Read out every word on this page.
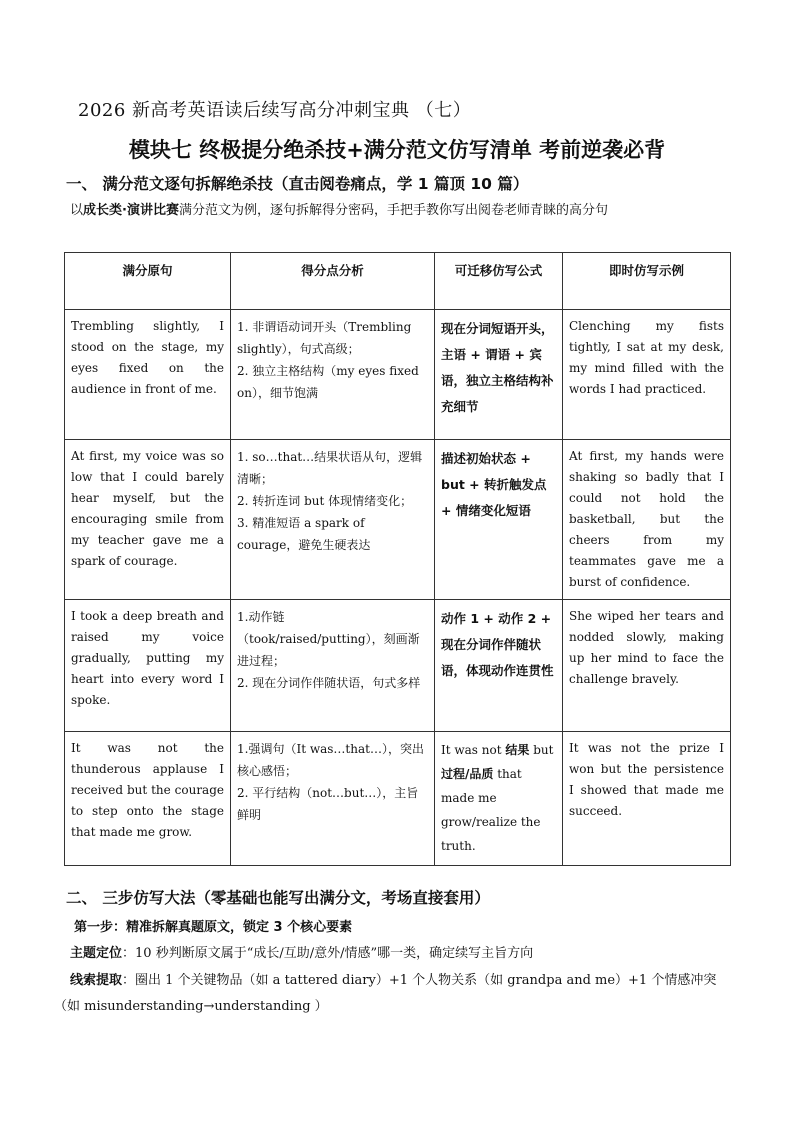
2026 新高考英语读后续写高分冲刺宝典 （七）
模块七 终极提分绝杀技+满分范文仿写清单 考前逆袭必背
一、 满分范文逐句拆解绝杀技（直击阅卷痛点，学 1 篇顶 10 篇）
以成长类·演讲比赛满分范文为例，逐句拆解得分密码，手把手教你写出阅卷老师青睐的高分句
满分原句	得分点分析	可迁移仿写公式	即时仿写示例
Trembling slightly, I stood on the stage, my eyes fixed on the audience in front of me.	1. 非谓语动词开头（Trembling slightly），句式高级；
2. 独立主格结构（my eyes fixed on），细节饱满	现在分词短语开头，主语 + 谓语 + 宾语，独立主格结构补充细节	Clenching my fists tightly, I sat at my desk, my mind filled with the words I had practiced.
At first, my voice was so low that I could barely hear myself, but the encouraging smile from my teacher gave me a spark of courage.	1. so…that…结果状语从句，逻辑清晰；
2. 转折连词 but 体现情绪变化；
3. 精准短语 a spark of courage，避免生硬表达	描述初始状态 + but + 转折触发点 + 情绪变化短语	At first, my hands were shaking so badly that I could not hold the basketball, but the cheers from my teammates gave me a burst of confidence.
I took a deep breath and raised my voice gradually, putting my heart into every word I spoke.	1.动作链（took/raised/putting），刻画渐进过程；
2. 现在分词作伴随状语，句式多样	动作 1 + 动作 2 + 现在分词作伴随状语，体现动作连贯性	She wiped her tears and nodded slowly, making up her mind to face the challenge bravely.
It was not the thunderous applause I received but the courage to step onto the stage that made me grow.	1.强调句（It was…that…），突出核心感悟；
2. 平行结构（not…but…），主旨鲜明	It was not 结果 but 过程/品质 that made me grow/realize the truth.	It was not the prize I won but the persistence I showed that made me succeed.
二、 三步仿写大法（零基础也能写出满分文，考场直接套用）
第一步：精准拆解真题原文，锁定 3 个核心要素
主题定位：10 秒判断原文属于“成长/互助/意外/情感”哪一类，确定续写主旨方向
线索提取：圈出 1 个关键物品（如 a tattered diary）+1 个人物关系（如 grandpa and me）+1 个情感冲突（如 misunderstanding→understanding ）
